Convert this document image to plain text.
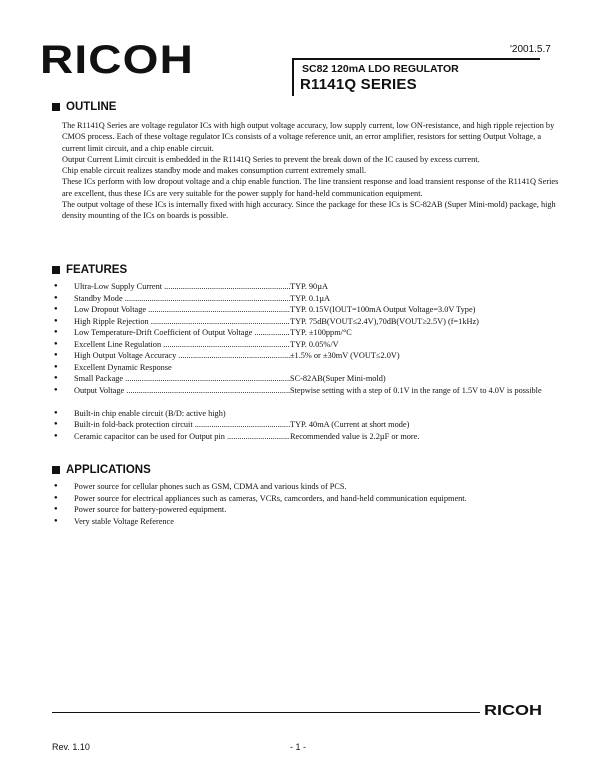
RICOH	'2001.5.7
SC82 120mA LDO REGULATOR
R1141Q SERIES
OUTLINE

The R1141Q Series are voltage regulator ICs with high output voltage accuracy, low supply current, low ON-resistance, and high ripple rejection by CMOS process. Each of these voltage regulator ICs consists of a voltage reference unit, an error amplifier, resistors for setting Output Voltage, a current limit circuit, and a chip enable circuit.

Output Current Limit circuit is embedded in the R1141Q Series to prevent the break down of the IC caused by excess current.

Chip enable circuit realizes standby mode and makes consumption current extremely small.

These ICs perform with low dropout voltage and a chip enable function. The line transient response and load transient response of the R1141Q Series are excellent, thus these ICs are very suitable for the power supply for hand-held communication equipment.

The output voltage of these ICs is internally fixed with high accuracy. Since the package for these ICs is SC-82AB (Super Mini-mold) package, high density mounting of the ICs on boards is possible.

FEATURES
●	Ultra-Low Supply Current .....	TYP. 90µA
●	Standby Mode .....	TYP. 0.1µA
●	Low Dropout Voltage .....	TYP. 0.15V(IOUT=100mA Output Voltage=3.0V Type)
●	High Ripple Rejection .....	TYP. 75dB(VOUT≤2.4V),70dB(VOUT≥2.5V) (f=1kHz)
●	Low Temperature-Drift Coefficient of Output Voltage .....	TYP. ±100ppm/°C
●	Excellent Line Regulation .....	TYP. 0.05%/V
●	High Output Voltage Accuracy .....	±1.5% or ±30mV (VOUT≤2.0V)
●	Excellent Dynamic Response
●	Small Package .....	SC-82AB(Super Mini-mold)
●	Output Voltage .....	Stepwise setting with a step of 0.1V in the range of 1.5V to 4.0V is possible
●	Built-in chip enable circuit (B/D: active high)
●	Built-in fold-back protection circuit .....	TYP. 40mA (Current at short mode)
●	Ceramic capacitor can be used for Output pin .....	Recommended value is 2.2µF or more.
APPLICATIONS
●	Power source for cellular phones such as GSM, CDMA and various kinds of PCS.
●	Power source for electrical appliances such as cameras, VCRs, camcorders, and hand-held communication equipment.
●	Power source for battery-powered equipment.
●	Very stable Voltage Reference
RICOH
Rev. 1.10	- 1 -
